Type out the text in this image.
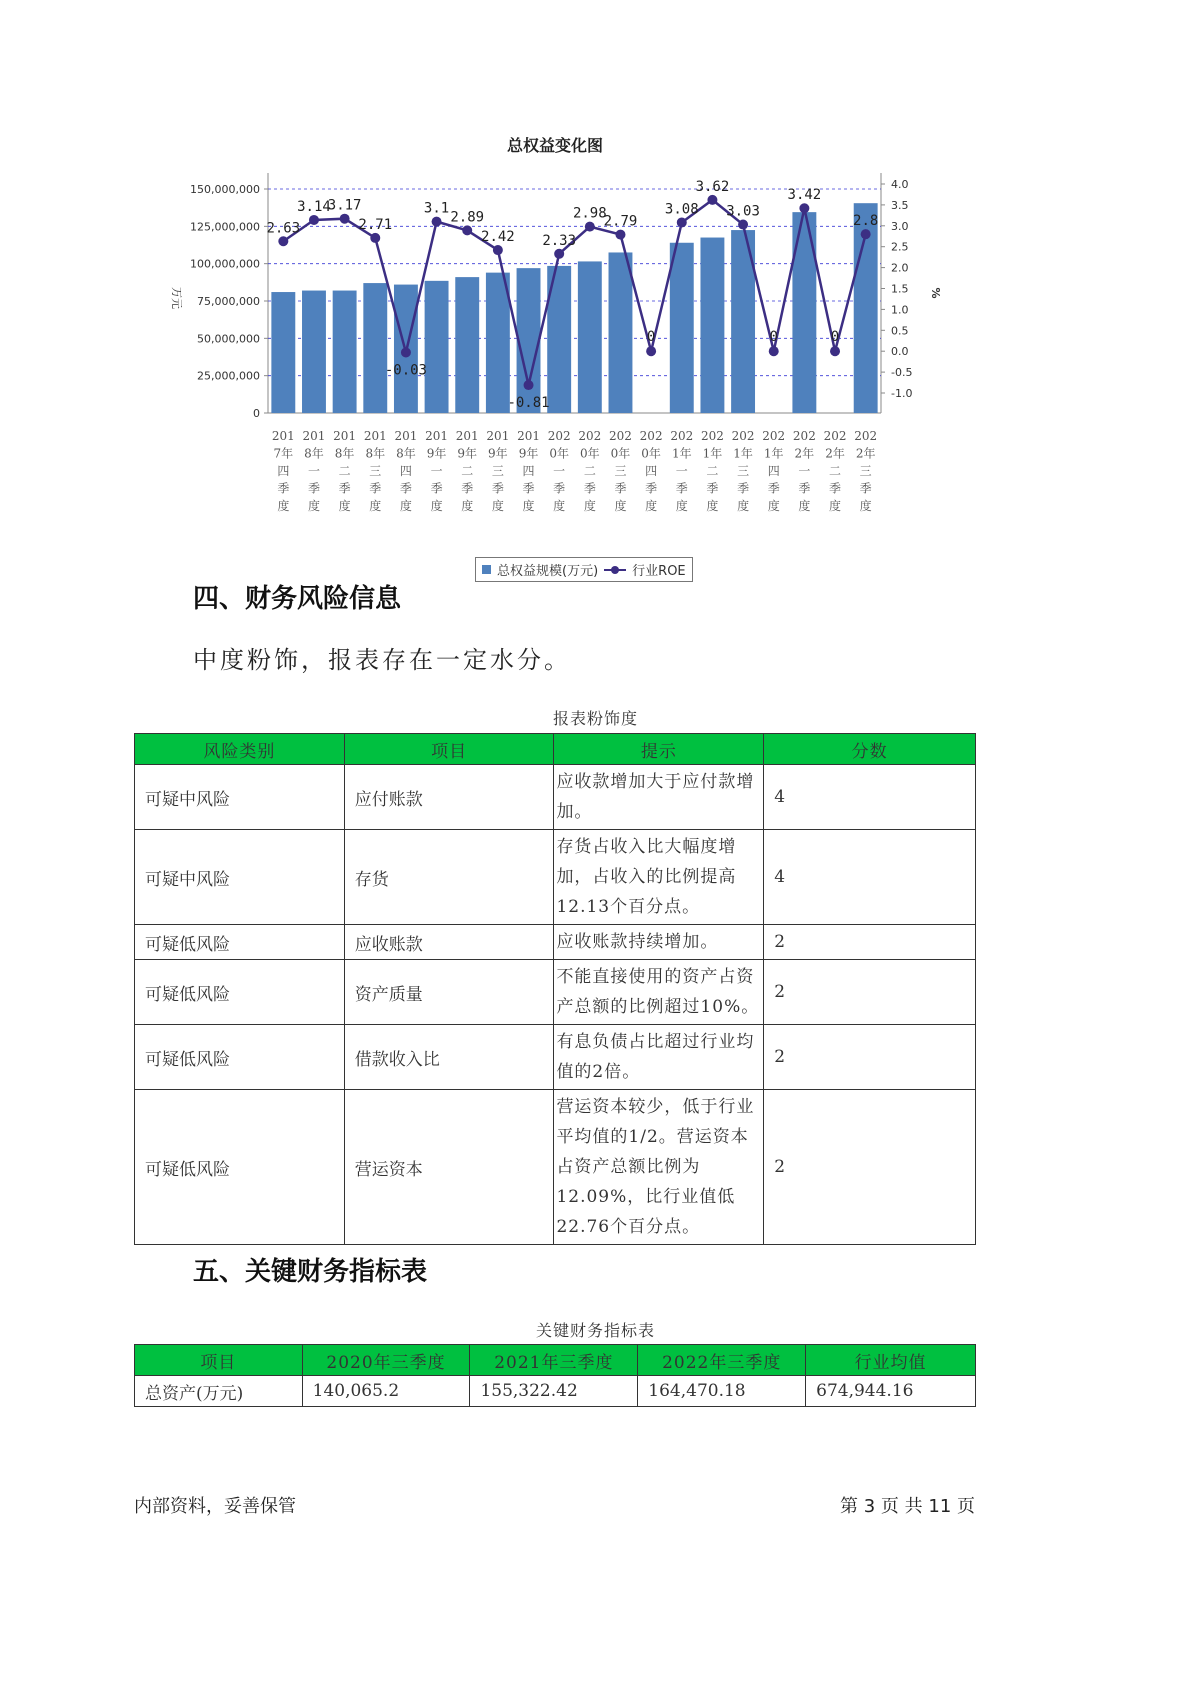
总权益变化图
万元	%
0
25,000,000
50,000,000
75,000,000
100,000,000
125,000,000
150,000,000
-1.0
-0.5
0.0
0.5
1.0
1.5
2.0
2.5
3.0
3.5
4.0
201
7年
四
季
度
201
8年
一
季
度
201
8年
二
季
度
201
8年
三
季
度
201
8年
四
季
度
201
9年
一
季
度
201
9年
二
季
度
201
9年
三
季
度
201
9年
四
季
度
202
0年
一
季
度
202
0年
二
季
度
202
0年
三
季
度
202
0年
四
季
度
202
1年
一
季
度
202
1年
二
季
度
202
1年
三
季
度
202
1年
四
季
度
202
2年
一
季
度
202
2年
二
季
度
202
2年
三
季
度
2.63
3.14
3.17
2.71
-0.03
3.1
2.89
2.42
-0.81
2.33
2.98
2.79
0
3.08
3.62
3.03
0
3.42
0
2.8
总权益规模(万元)	行业ROE
四、财务风险信息

中度粉饰，报表存在一定水分。

报表粉饰度
风险类别	项目	提示	分数
可疑中风险	应付账款	应收款增加大于应付款增加。	4
可疑中风险	存货	存货占收入比大幅度增加，占收入的比例提高12.13个百分点。	4
可疑低风险	应收账款	应收账款持续增加。	2
可疑低风险	资产质量	不能直接使用的资产占资产总额的比例超过10%。	2
可疑低风险	借款收入比	有息负债占比超过行业均值的2倍。	2
可疑低风险	营运资本	营运资本较少，低于行业平均值的1/2。营运资本占资产总额比例为12.09%，比行业值低22.76个百分点。	2
五、关键财务指标表
关键财务指标表
项目	2020年三季度	2021年三季度	2022年三季度	行业均值
总资产(万元)	140,065.2	155,322.42	164,470.18	674,944.16
内部资料，妥善保管	第 3 页 共 11 页
